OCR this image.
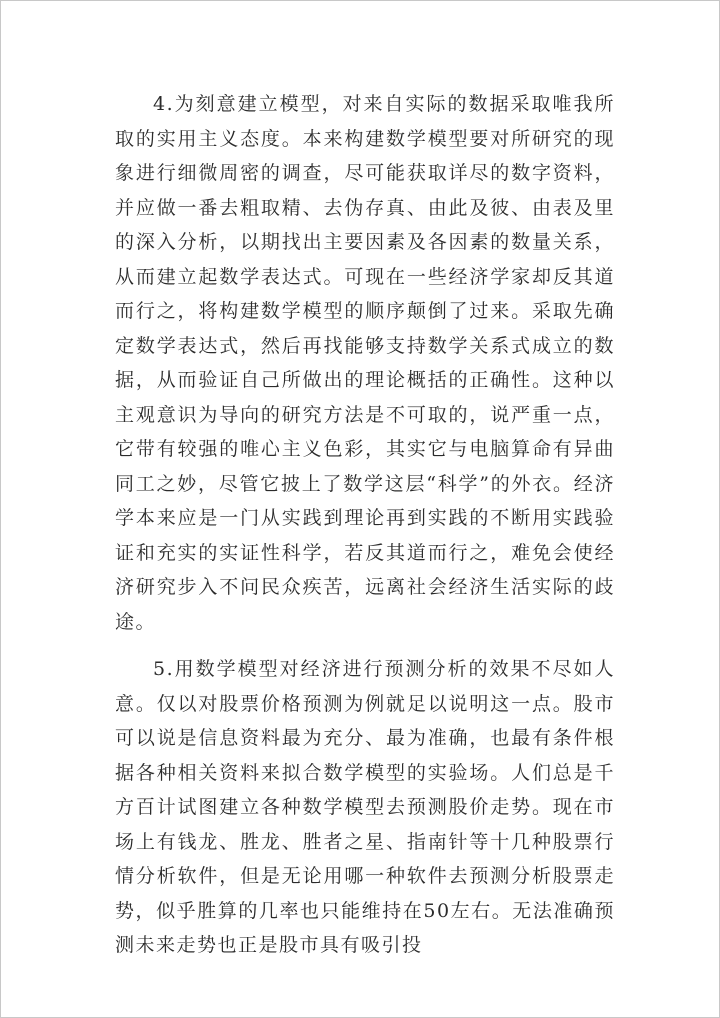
4.为刻意建立模型，对来自实际的数据采取唯我所取的实用主义态度。本来构建数学模型要对所研究的现象进行细微周密的调查，尽可能获取详尽的数字资料，并应做一番去粗取精、去伪存真、由此及彼、由表及里的深入分析，以期找出主要因素及各因素的数量关系，从而建立起数学表达式。可现在一些经济学家却反其道而行之，将构建数学模型的顺序颠倒了过来。采取先确定数学表达式，然后再找能够支持数学关系式成立的数据，从而验证自己所做出的理论概括的正确性。这种以主观意识为导向的研究方法是不可取的，说严重一点，它带有较强的唯心主义色彩，其实它与电脑算命有异曲同工之妙，尽管它披上了数学这层“科学”的外衣。经济学本来应是一门从实践到理论再到实践的不断用实践验证和充实的实证性科学，若反其道而行之，难免会使经济研究步入不问民众疾苦，远离社会经济生活实际的歧途。

5.用数学模型对经济进行预测分析的效果不尽如人意。仅以对股票价格预测为例就足以说明这一点。股市可以说是信息资料最为充分、最为准确，也最有条件根据各种相关资料来拟合数学模型的实验场。人们总是千方百计试图建立各种数学模型去预测股价走势。现在市场上有钱龙、胜龙、胜者之星、指南针等十几种股票行情分析软件，但是无论用哪一种软件去预测分析股票走势，似乎胜算的几率也只能维持在50左右。无法准确预测未来走势也正是股市具有吸引投
